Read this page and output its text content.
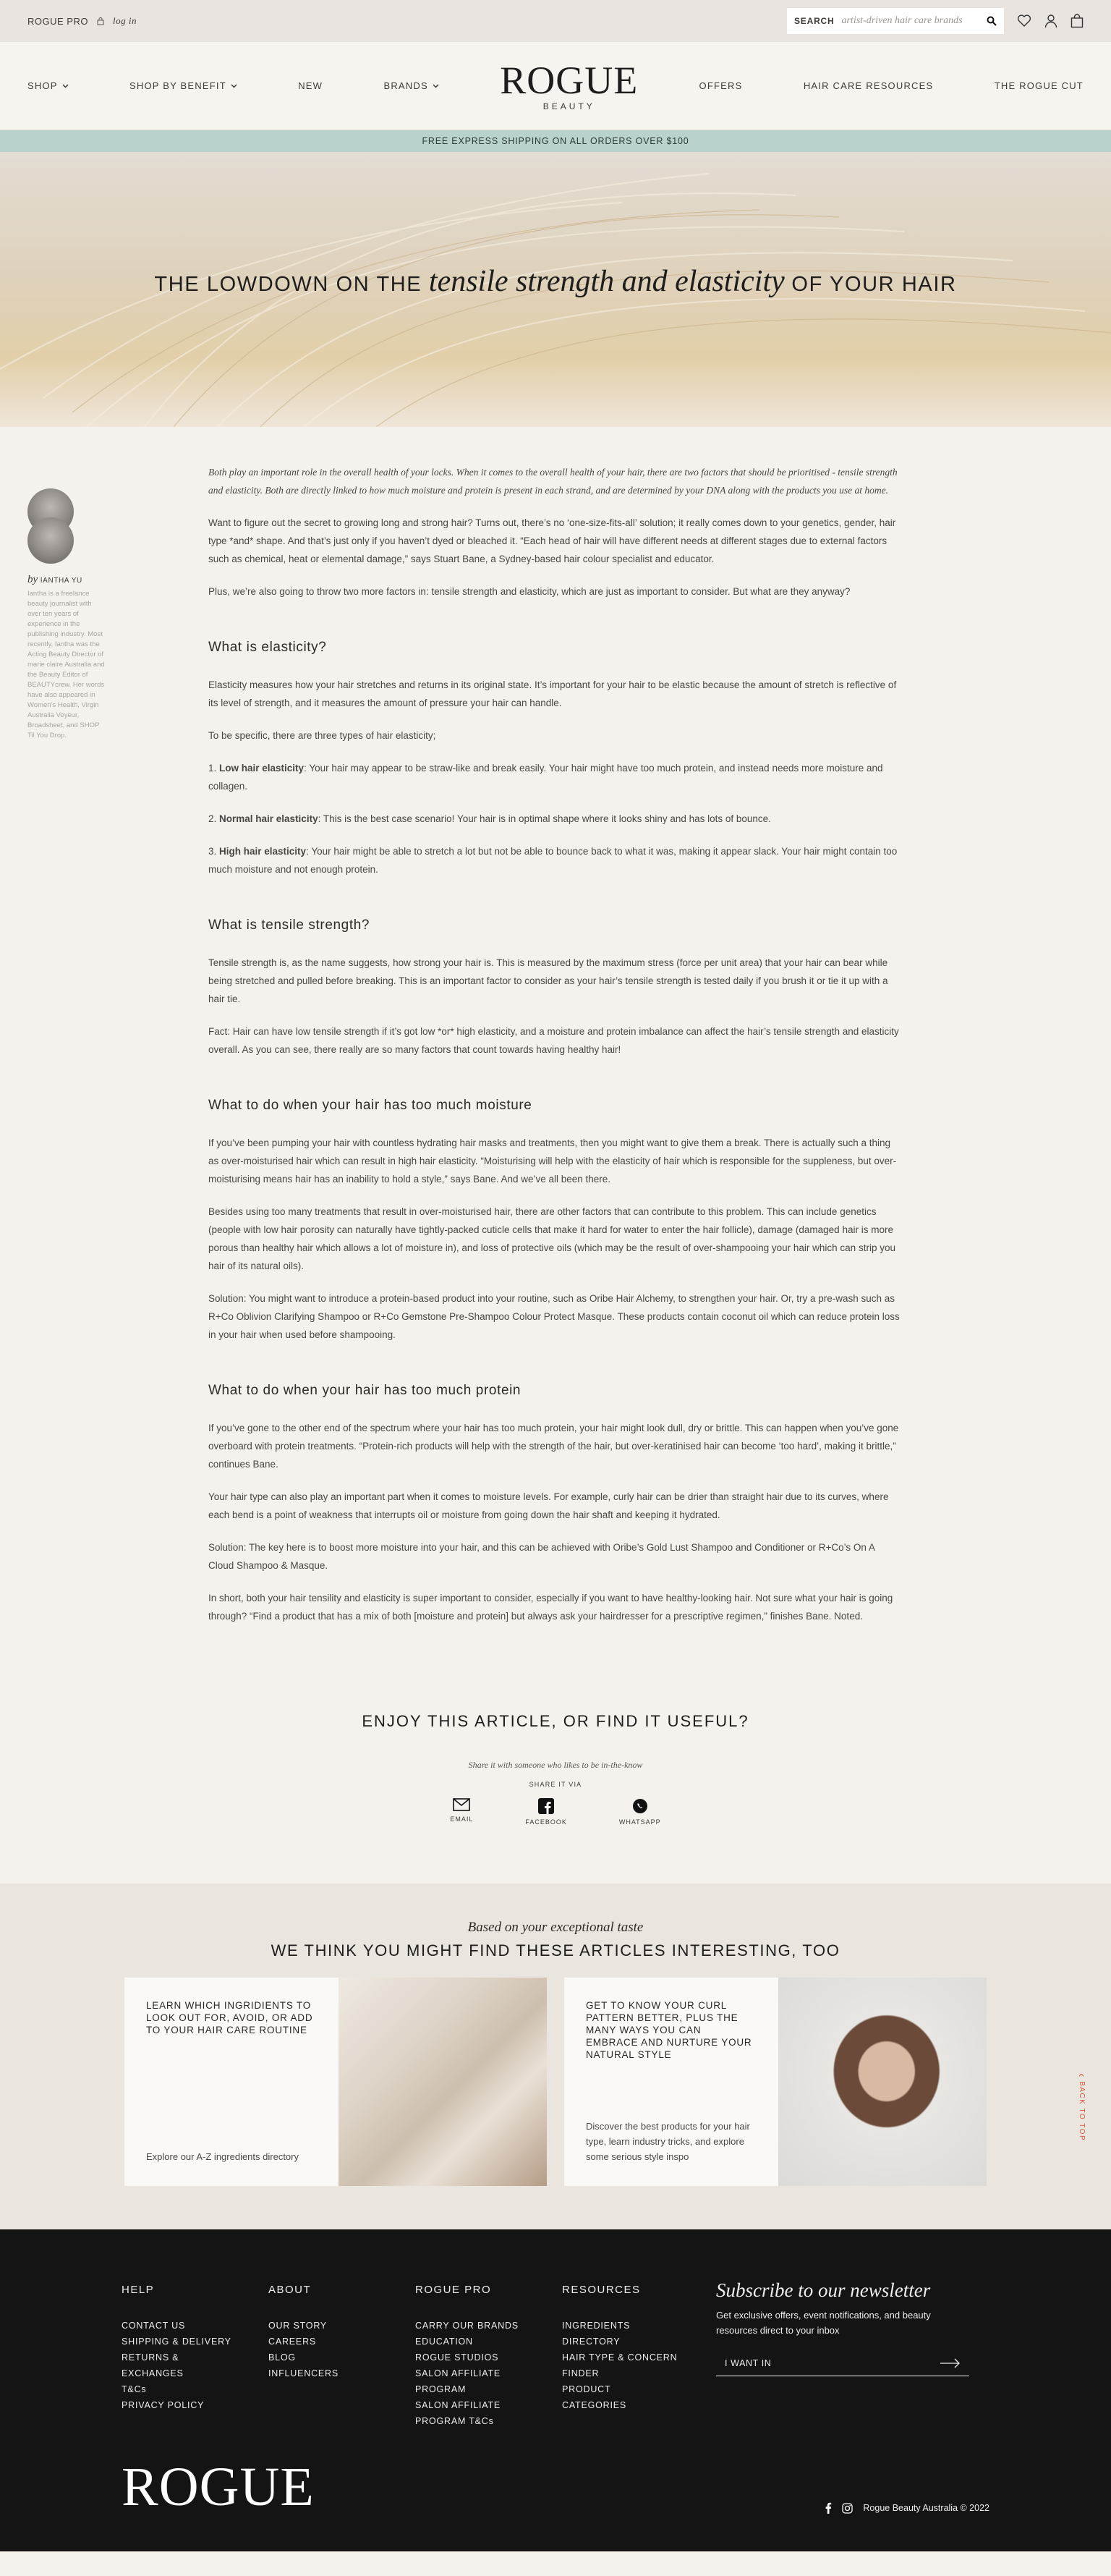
ROGUE PRO	log in	SEARCH artist-driven hair care brands
SHOP	SHOP BY BENEFIT	NEW	BRANDS ROGUE
BEAUTY
OFFERS	HAIR CARE RESOURCES	THE ROGUE CUT
FREE EXPRESS SHIPPING ON ALL ORDERS OVER $100
THE LOWDOWN ON THE tensile strength and elasticity OF YOUR HAIR
by IANTHA YU
Iantha is a freelance beauty journalist with over ten years of experience in the publishing industry. Most recently, Iantha was the Acting Beauty Director of marie claire Australia and the Beauty Editor of BEAUTYcrew. Her words have also appeared in Women's Health, Virgin Australia Voyeur, Broadsheet, and SHOP Til You Drop.

Both play an important role in the overall health of your locks. When it comes to the overall health of your hair, there are two factors that should be prioritised - tensile strength and elasticity. Both are directly linked to how much moisture and protein is present in each strand, and are determined by your DNA along with the products you use at home.

Want to figure out the secret to growing long and strong hair? Turns out, there’s no ‘one-size-fits-all’ solution; it really comes down to your genetics, gender, hair type *and* shape. And that’s just only if you haven’t dyed or bleached it. “Each head of hair will have different needs at different stages due to external factors such as chemical, heat or elemental damage,” says Stuart Bane, a Sydney-based hair colour specialist and educator.

Plus, we’re also going to throw two more factors in: tensile strength and elasticity, which are just as important to consider. But what are they anyway?

What is elasticity?

Elasticity measures how your hair stretches and returns in its original state. It’s important for your hair to be elastic because the amount of stretch is reflective of its level of strength, and it measures the amount of pressure your hair can handle.

To be specific, there are three types of hair elasticity;

1. Low hair elasticity: Your hair may appear to be straw-like and break easily. Your hair might have too much protein, and instead needs more moisture and collagen.

2. Normal hair elasticity: This is the best case scenario! Your hair is in optimal shape where it looks shiny and has lots of bounce.

3. High hair elasticity: Your hair might be able to stretch a lot but not be able to bounce back to what it was, making it appear slack. Your hair might contain too much moisture and not enough protein.

What is tensile strength?

Tensile strength is, as the name suggests, how strong your hair is. This is measured by the maximum stress (force per unit area) that your hair can bear while being stretched and pulled before breaking. This is an important factor to consider as your hair’s tensile strength is tested daily if you brush it or tie it up with a hair tie.

Fact: Hair can have low tensile strength if it’s got low *or* high elasticity, and a moisture and protein imbalance can affect the hair’s tensile strength and elasticity overall. As you can see, there really are so many factors that count towards having healthy hair!

What to do when your hair has too much moisture

If you’ve been pumping your hair with countless hydrating hair masks and treatments, then you might want to give them a break. There is actually such a thing as over-moisturised hair which can result in high hair elasticity. “Moisturising will help with the elasticity of hair which is responsible for the suppleness, but over-moisturising means hair has an inability to hold a style,” says Bane. And we’ve all been there.

Besides using too many treatments that result in over-moisturised hair, there are other factors that can contribute to this problem. This can include genetics (people with low hair porosity can naturally have tightly-packed cuticle cells that make it hard for water to enter the hair follicle), damage (damaged hair is more porous than healthy hair which allows a lot of moisture in), and loss of protective oils (which may be the result of over-shampooing your hair which can strip you hair of its natural oils).

Solution: You might want to introduce a protein-based product into your routine, such as Oribe Hair Alchemy, to strengthen your hair. Or, try a pre-wash such as R+Co Oblivion Clarifying Shampoo or R+Co Gemstone Pre-Shampoo Colour Protect Masque. These products contain coconut oil which can reduce protein loss in your hair when used before shampooing.

What to do when your hair has too much protein

If you’ve gone to the other end of the spectrum where your hair has too much protein, your hair might look dull, dry or brittle. This can happen when you’ve gone overboard with protein treatments. “Protein-rich products will help with the strength of the hair, but over-keratinised hair can become ‘too hard’, making it brittle,” continues Bane.

Your hair type can also play an important part when it comes to moisture levels. For example, curly hair can be drier than straight hair due to its curves, where each bend is a point of weakness that interrupts oil or moisture from going down the hair shaft and keeping it hydrated.

Solution: The key here is to boost more moisture into your hair, and this can be achieved with Oribe’s Gold Lust Shampoo and Conditioner or R+Co’s On A Cloud Shampoo & Masque.

In short, both your hair tensility and elasticity is super important to consider, especially if you want to have healthy-looking hair. Not sure what your hair is going through? “Find a product that has a mix of both [moisture and protein] but always ask your hairdresser for a prescriptive regimen,” finishes Bane. Noted.

ENJOY THIS ARTICLE, OR FIND IT USEFUL?
Share it with someone who likes to be in-the-know
SHARE IT VIA
EMAIL	FACEBOOK	WHATSAPP
Based on your exceptional taste
WE THINK YOU MIGHT FIND THESE ARTICLES INTERESTING, TOO
LEARN WHICH INGRIDIENTS TO LOOK OUT FOR, AVOID, OR ADD TO YOUR HAIR CARE ROUTINE
Explore our A-Z ingredients directory
GET TO KNOW YOUR CURL PATTERN BETTER, PLUS THE MANY WAYS YOU CAN EMBRACE AND NURTURE YOUR NATURAL STYLE
Discover the best products for your hair type, learn industry tricks, and explore some serious style inspo
‹ BACK TO TOP
HELP
CONTACT US
SHIPPING & DELIVERY
RETURNS & EXCHANGES
T&Cs
PRIVACY POLICY
ABOUT
OUR STORY
CAREERS
BLOG
INFLUENCERS
ROGUE PRO
CARRY OUR BRANDS
EDUCATION
ROGUE STUDIOS
SALON AFFILIATE PROGRAM
SALON AFFILIATE PROGRAM T&Cs
RESOURCES
INGREDIENTS DIRECTORY
HAIR TYPE & CONCERN FINDER
PRODUCT CATEGORIES
Subscribe to our newsletter

Get exclusive offers, event notifications, and beauty resources direct to your inbox

I WANT IN
ROGUE	Rogue Beauty Australia © 2022
